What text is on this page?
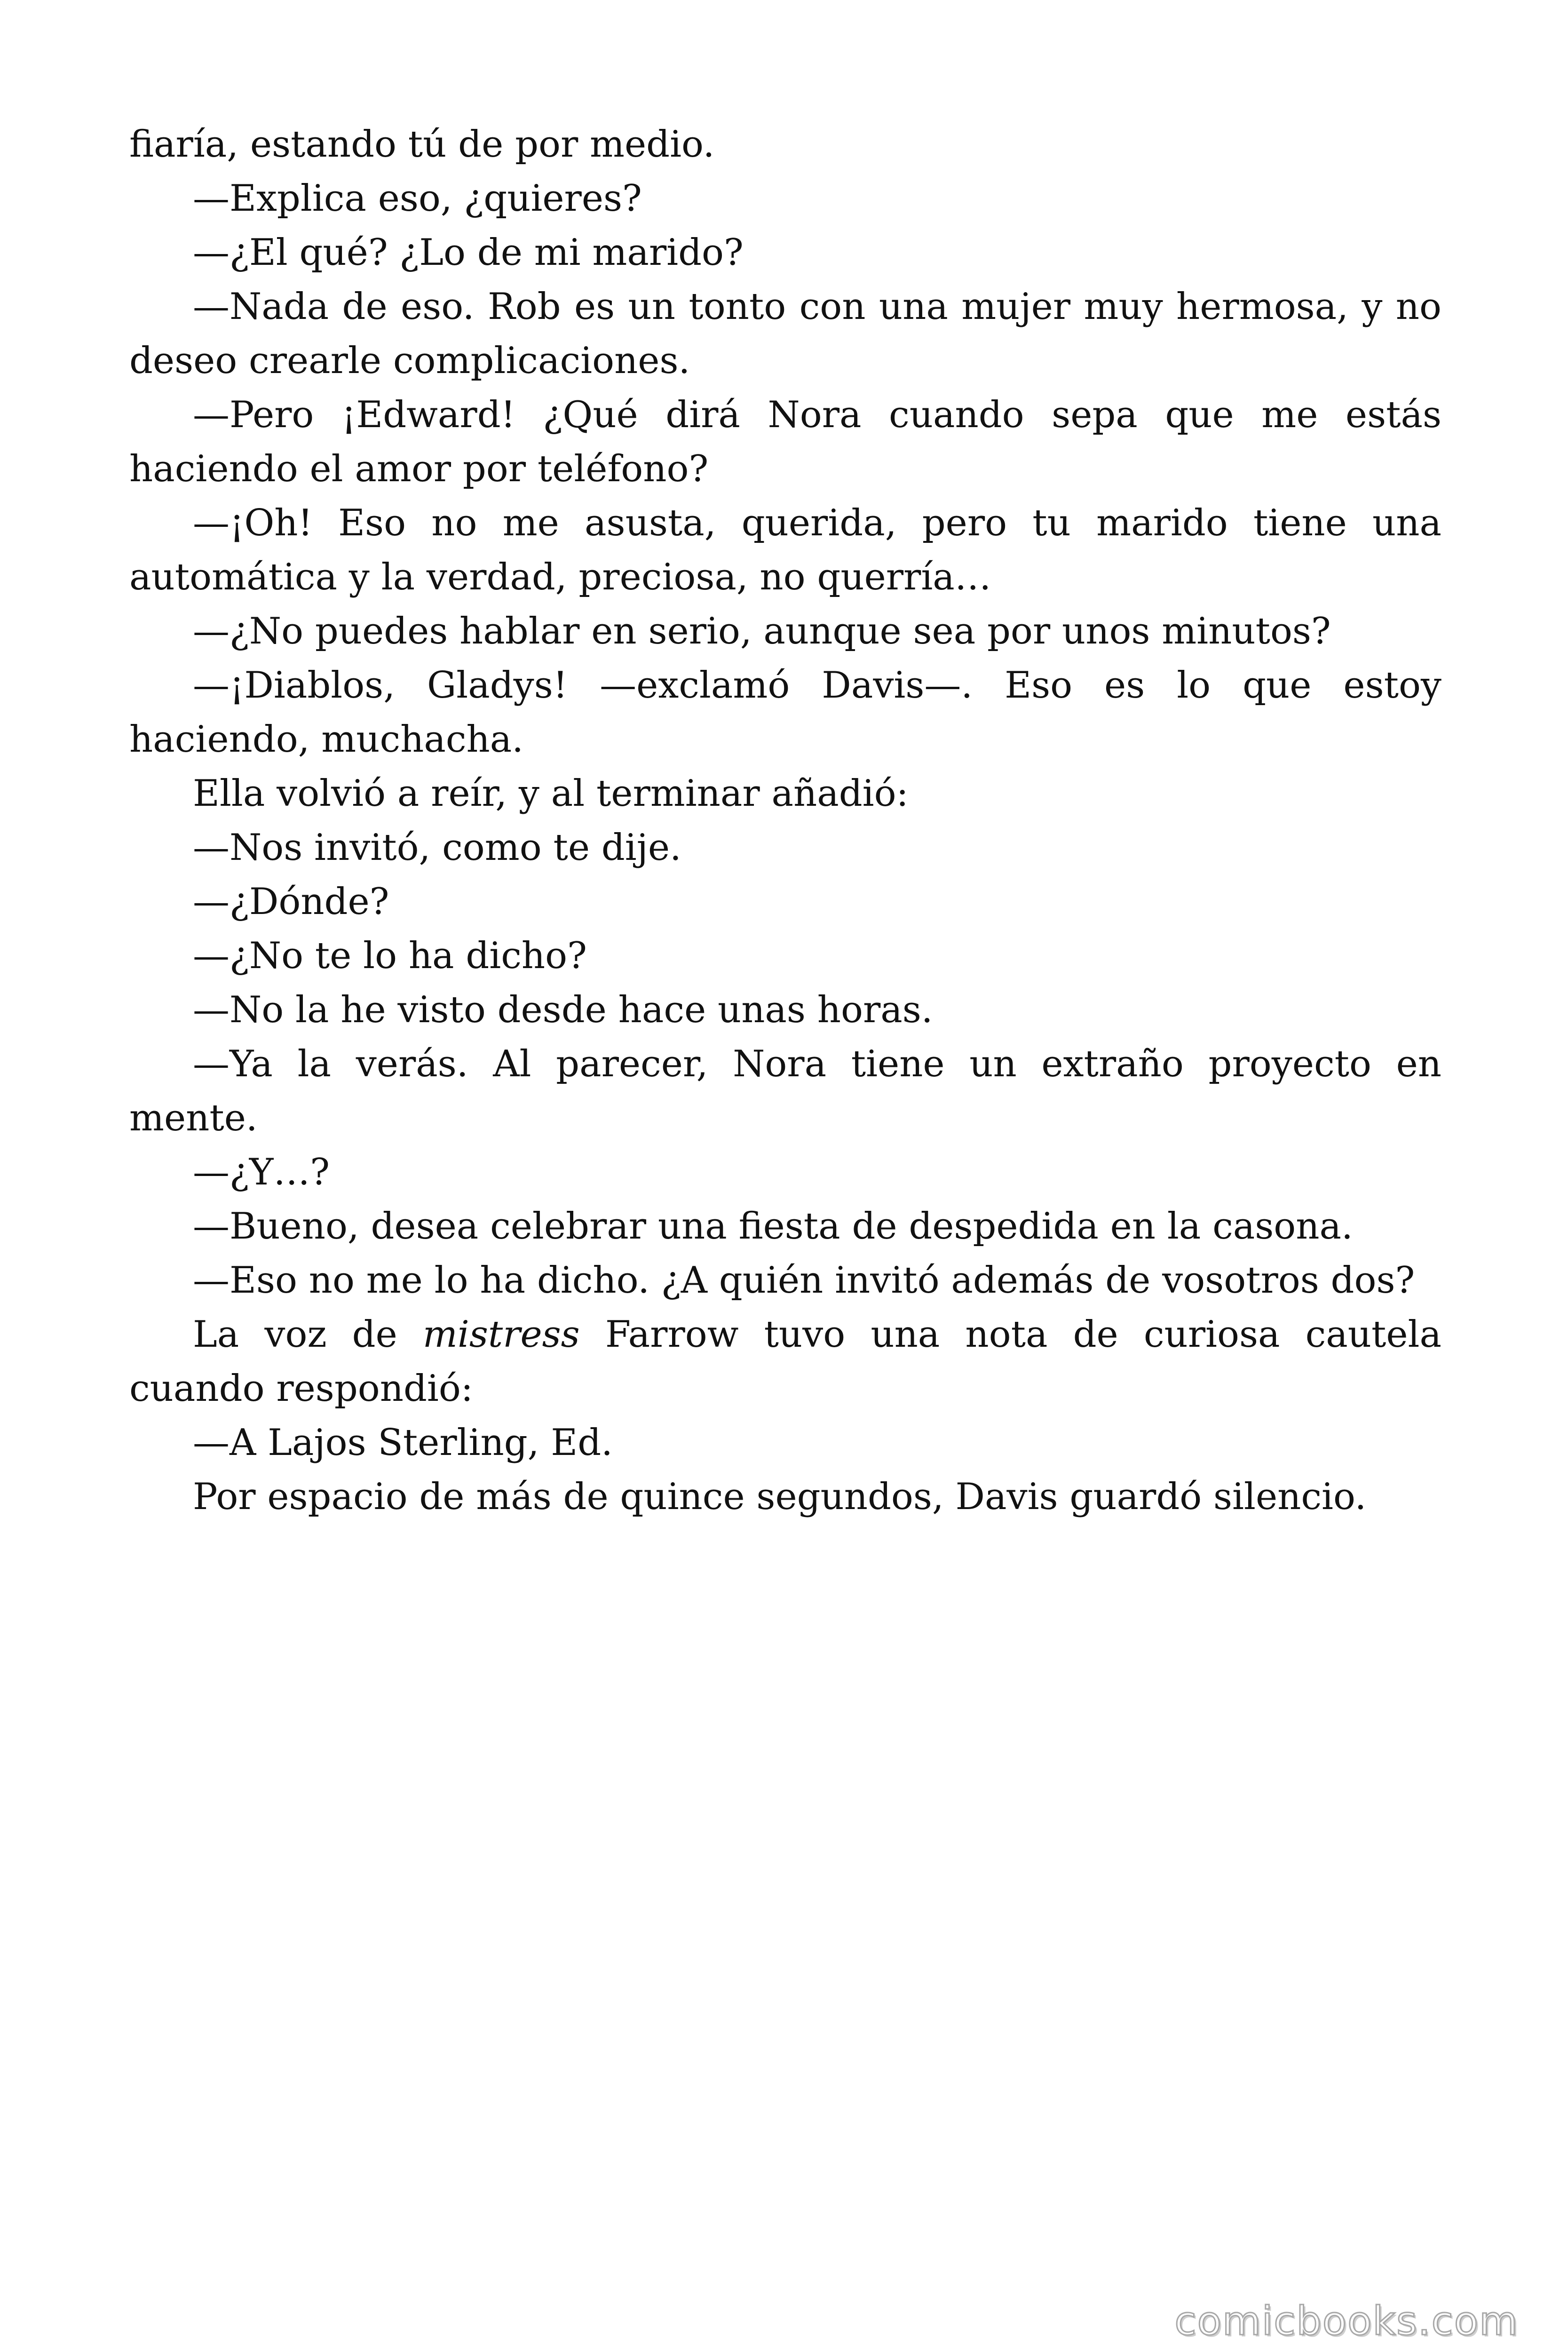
fiaría, estando tú de por medio.

—Explica eso, ¿quieres?

—¿El qué? ¿Lo de mi marido?

—Nada de eso. Rob es un tonto con una mujer muy hermosa, y no deseo crearle complicaciones.

—Pero ¡Edward! ¿Qué dirá Nora cuando sepa que me estás haciendo el amor por teléfono?

—¡Oh! Eso no me asusta, querida, pero tu marido tiene una automática y la verdad, preciosa, no querría…

—¿No puedes hablar en serio, aunque sea por unos minutos?

—¡Diablos, Gladys! —exclamó Davis—. Eso es lo que estoy haciendo, muchacha.

Ella volvió a reír, y al terminar añadió:

—Nos invitó, como te dije.

—¿Dónde?

—¿No te lo ha dicho?

—No la he visto desde hace unas horas.

—Ya la verás. Al parecer, Nora tiene un extraño proyecto en mente.

—¿Y…?

—Bueno, desea celebrar una fiesta de despedida en la casona.

—Eso no me lo ha dicho. ¿A quién invitó además de vosotros dos?

La voz de mistress Farrow tuvo una nota de curiosa cautela cuando respondió:

—A Lajos Sterling, Ed.

Por espacio de más de quince segundos, Davis guardó silencio.

comicbooks.com
